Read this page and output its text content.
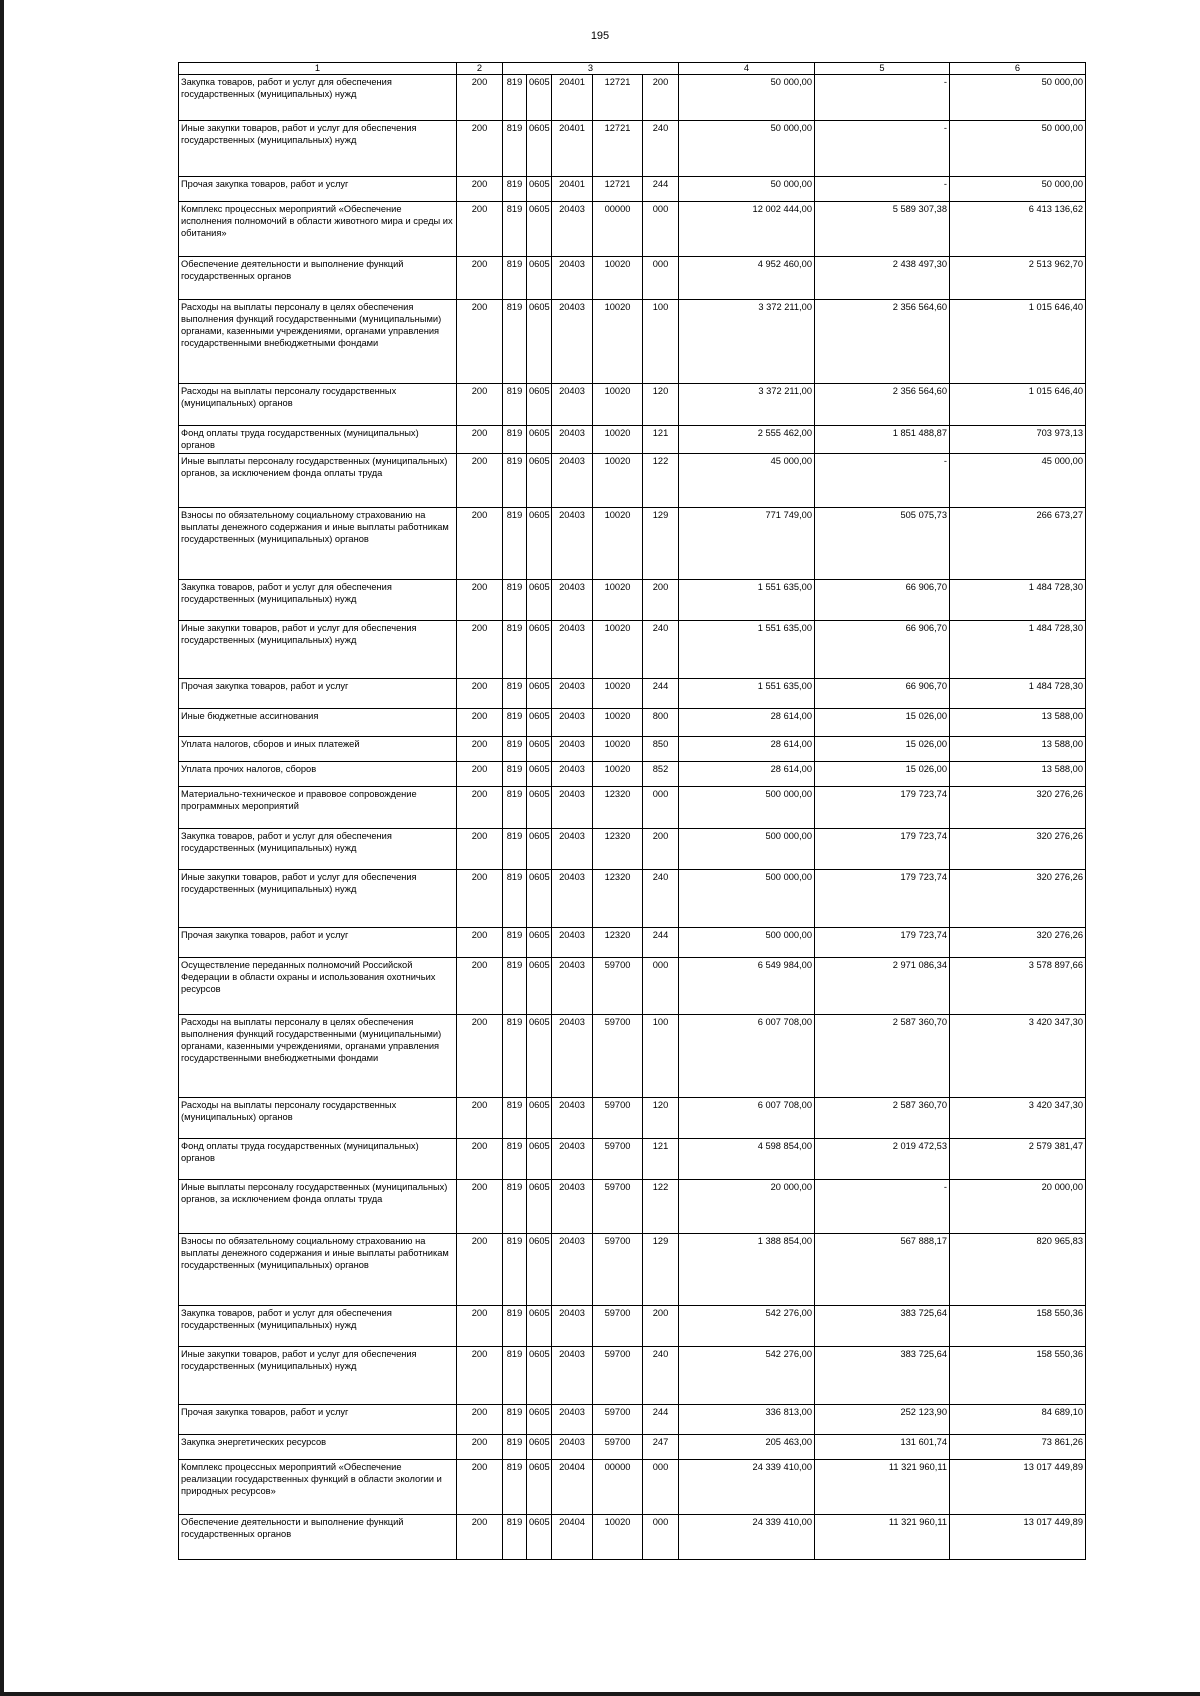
195
1	2	3					4	5	6
Закупка товаров, работ и услуг для обеспечения государственных (муниципальных) нужд	200	819	0605	20401	12721	200	50 000,00	-	50 000,00
Иные закупки товаров, работ и услуг для обеспечения государственных (муниципальных) нужд	200	819	0605	20401	12721	240	50 000,00	-	50 000,00
Прочая закупка товаров, работ и услуг	200	819	0605	20401	12721	244	50 000,00	-	50 000,00
Комплекс процессных мероприятий «Обеспечение исполнения полномочий в области животного мира и среды их обитания»	200	819	0605	20403	00000	000	12 002 444,00	5 589 307,38	6 413 136,62
Обеспечение деятельности и выполнение функций государственных органов	200	819	0605	20403	10020	000	4 952 460,00	2 438 497,30	2 513 962,70
Расходы на выплаты персоналу в целях обеспечения выполнения функций государственными (муниципальными) органами, казенными учреждениями, органами управления государственными внебюджетными фондами	200	819	0605	20403	10020	100	3 372 211,00	2 356 564,60	1 015 646,40
Расходы на выплаты персоналу государственных (муниципальных) органов	200	819	0605	20403	10020	120	3 372 211,00	2 356 564,60	1 015 646,40
Фонд оплаты труда государственных (муниципальных) органов	200	819	0605	20403	10020	121	2 555 462,00	1 851 488,87	703 973,13
Иные выплаты персоналу государственных (муниципальных) органов, за исключением фонда оплаты труда	200	819	0605	20403	10020	122	45 000,00	-	45 000,00
Взносы по обязательному социальному страхованию на выплаты денежного содержания и иные выплаты работникам государственных (муниципальных) органов	200	819	0605	20403	10020	129	771 749,00	505 075,73	266 673,27
Закупка товаров, работ и услуг для обеспечения государственных (муниципальных) нужд	200	819	0605	20403	10020	200	1 551 635,00	66 906,70	1 484 728,30
Иные закупки товаров, работ и услуг для обеспечения государственных (муниципальных) нужд	200	819	0605	20403	10020	240	1 551 635,00	66 906,70	1 484 728,30
Прочая закупка товаров, работ и услуг	200	819	0605	20403	10020	244	1 551 635,00	66 906,70	1 484 728,30
Иные бюджетные ассигнования	200	819	0605	20403	10020	800	28 614,00	15 026,00	13 588,00
Уплата налогов, сборов и иных платежей	200	819	0605	20403	10020	850	28 614,00	15 026,00	13 588,00
Уплата прочих налогов, сборов	200	819	0605	20403	10020	852	28 614,00	15 026,00	13 588,00
Материально-техническое и правовое сопровождение программных мероприятий	200	819	0605	20403	12320	000	500 000,00	179 723,74	320 276,26
Закупка товаров, работ и услуг для обеспечения государственных (муниципальных) нужд	200	819	0605	20403	12320	200	500 000,00	179 723,74	320 276,26
Иные закупки товаров, работ и услуг для обеспечения государственных (муниципальных) нужд	200	819	0605	20403	12320	240	500 000,00	179 723,74	320 276,26
Прочая закупка товаров, работ и услуг	200	819	0605	20403	12320	244	500 000,00	179 723,74	320 276,26
Осуществление переданных полномочий Российской Федерации в области охраны и использования охотничьих ресурсов	200	819	0605	20403	59700	000	6 549 984,00	2 971 086,34	3 578 897,66
Расходы на выплаты персоналу в целях обеспечения выполнения функций государственными (муниципальными) органами, казенными учреждениями, органами управления государственными внебюджетными фондами	200	819	0605	20403	59700	100	6 007 708,00	2 587 360,70	3 420 347,30
Расходы на выплаты персоналу государственных (муниципальных) органов	200	819	0605	20403	59700	120	6 007 708,00	2 587 360,70	3 420 347,30
Фонд оплаты труда государственных (муниципальных) органов	200	819	0605	20403	59700	121	4 598 854,00	2 019 472,53	2 579 381,47
Иные выплаты персоналу государственных (муниципальных) органов, за исключением фонда оплаты труда	200	819	0605	20403	59700	122	20 000,00	-	20 000,00
Взносы по обязательному социальному страхованию на выплаты денежного содержания и иные выплаты работникам государственных (муниципальных) органов	200	819	0605	20403	59700	129	1 388 854,00	567 888,17	820 965,83
Закупка товаров, работ и услуг для обеспечения государственных (муниципальных) нужд	200	819	0605	20403	59700	200	542 276,00	383 725,64	158 550,36
Иные закупки товаров, работ и услуг для обеспечения государственных (муниципальных) нужд	200	819	0605	20403	59700	240	542 276,00	383 725,64	158 550,36
Прочая закупка товаров, работ и услуг	200	819	0605	20403	59700	244	336 813,00	252 123,90	84 689,10
Закупка энергетических ресурсов	200	819	0605	20403	59700	247	205 463,00	131 601,74	73 861,26
Комплекс процессных мероприятий «Обеспечение реализации государственных функций в области экологии и природных ресурсов»	200	819	0605	20404	00000	000	24 339 410,00	11 321 960,11	13 017 449,89
Обеспечение деятельности и выполнение функций государственных органов	200	819	0605	20404	10020	000	24 339 410,00	11 321 960,11	13 017 449,89
